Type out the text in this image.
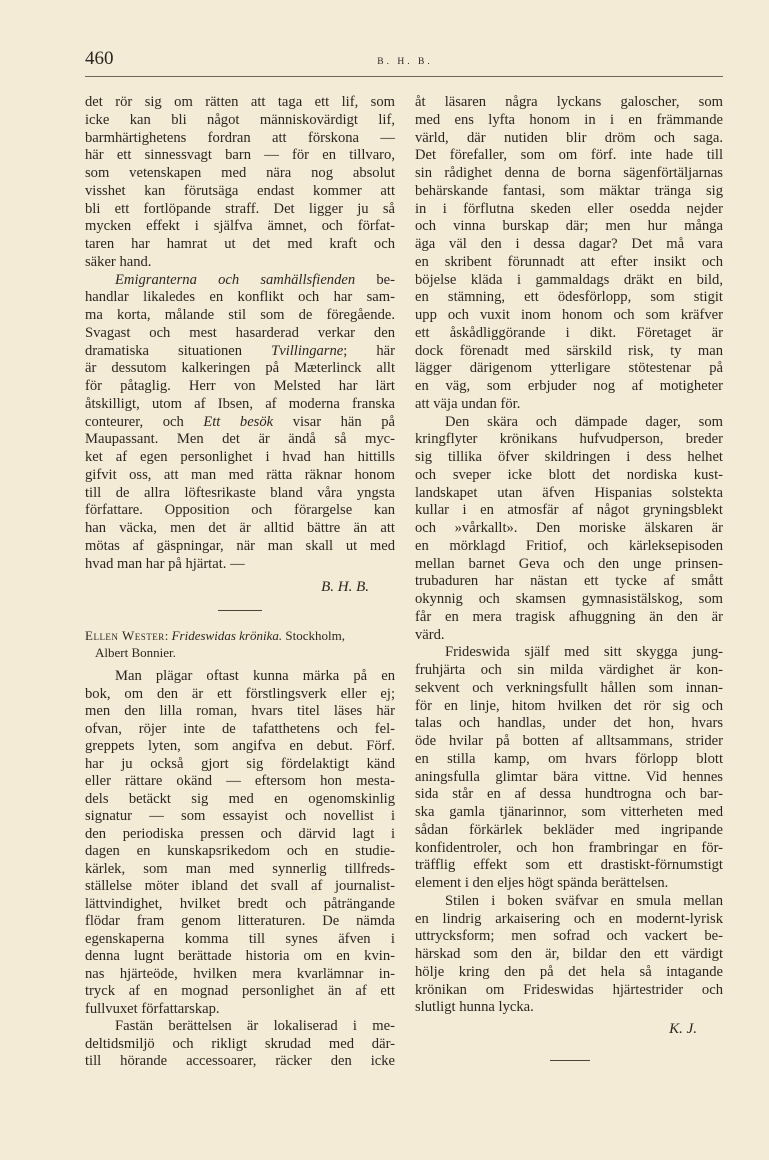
460	B. H. B.
det rör sig om rätten att taga ett lif, som
icke kan bli något människovärdigt lif,
barmhärtighetens fordran att förskona —
här ett sinnessvagt barn — för en tillvaro,
som vetenskapen med nära nog absolut
visshet kan förutsäga endast kommer att
bli ett fortlöpande straff. Det ligger ju så
mycken effekt i själfva ämnet, och förfat-
taren har hamrat ut det med kraft och
säker hand.
Emigranterna och samhällsfienden be-
handlar likaledes en konflikt och har sam-
ma korta, målande stil som de föregående.
Svagast och mest hasarderad verkar den
dramatiska situationen Tvillingarne; här
är dessutom kalkeringen på Mæterlinck allt
för påtaglig. Herr von Melsted har lärt
åtskilligt, utom af Ibsen, af moderna franska
conteurer, och Ett besök visar hän på
Maupassant. Men det är ändå så myc-
ket af egen personlighet i hvad han hittills
gifvit oss, att man med rätta räknar honom
till de allra löftesrikaste bland våra yngsta
författare. Opposition och förargelse kan
han väcka, men det är alltid bättre än att
mötas af gäspningar, när man skall ut med
hvad man har på hjärtat. —
B. H. B.
Ellen Wester: Frideswidas krönika. Stockholm,
Albert Bonnier.
Man plägar oftast kunna märka på en
bok, om den är ett förstlingsverk eller ej;
men den lilla roman, hvars titel läses här
ofvan, röjer inte de tafatthetens och fel-
greppets lyten, som angifva en debut. Förf.
har ju också gjort sig fördelaktigt känd
eller rättare okänd — eftersom hon mesta-
dels betäckt sig med en ogenomskinlig
signatur — som essayist och novellist i
den periodiska pressen och därvid lagt i
dagen en kunskapsrikedom och en studie-
kärlek, som man med synnerlig tillfreds-
ställelse möter ibland det svall af journalist-
lättvindighet, hvilket bredt och påträngande
flödar fram genom litteraturen. De nämda
egenskaperna komma till synes äfven i
denna lugnt berättade historia om en kvin-
nas hjärteöde, hvilken mera kvarlämnar in-
tryck af en mognad personlighet än af ett
fullvuxet författarskap.
Fastän berättelsen är lokaliserad i me-
deltidsmiljö och rikligt skrudad med där-
till hörande accessoarer, räcker den icke
åt läsaren några lyckans galoscher, som
med ens lyfta honom in i en främmande
värld, där nutiden blir dröm och saga.
Det förefaller, som om förf. inte hade till
sin rådighet denna de borna sägenförtäljarnas
behärskande fantasi, som mäktar tränga sig
in i förflutna skeden eller osedda nejder
och vinna burskap där; men hur många
äga väl den i dessa dagar? Det må vara
en skribent förunnadt att efter insikt och
böjelse kläda i gammaldags dräkt en bild,
en stämning, ett ödesförlopp, som stigit
upp och vuxit inom honom och som kräfver
ett åskådliggörande i dikt. Företaget är
dock förenadt med särskild risk, ty man
lägger därigenom ytterligare stötestenar på
en väg, som erbjuder nog af motigheter
att väja undan för.
Den skära och dämpade dager, som
kringflyter krönikans hufvudperson, breder
sig tillika öfver skildringen i dess helhet
och sveper icke blott det nordiska kust-
landskapet utan äfven Hispanias solstekta
kullar i en atmosfär af något gryningsblekt
och »vårkallt». Den moriske älskaren är
en mörklagd Fritiof, och kärleksepisoden
mellan barnet Geva och den unge prinsen-
trubaduren har nästan ett tycke af smått
okynnig och skamsen gymnasistälskog, som
får en mera tragisk afhuggning än den är
värd.
Frideswida själf med sitt skygga jung-
fruhjärta och sin milda värdighet är kon-
sekvent och verkningsfullt hållen som innan-
för en linje, hitom hvilken det rör sig och
talas och handlas, under det hon, hvars
öde hvilar på botten af alltsammans, strider
en stilla kamp, om hvars förlopp blott
aningsfulla glimtar bära vittne. Vid hennes
sida står en af dessa hundtrogna och bar-
ska gamla tjänarinnor, som vitterheten med
sådan förkärlek bekläder med ingripande
konfidentroler, och hon frambringar en för-
träfflig effekt som ett drastiskt-förnumstigt
element i den eljes högt spända berättelsen.
Stilen i boken sväfvar en smula mellan
en lindrig arkaisering och en modernt-lyrisk
uttrycksform; men sofrad och vackert be-
härskad som den är, bildar den ett värdigt
hölje kring den på det hela så intagande
krönikan om Frideswidas hjärtestrider och
slutligt hunna lycka.
K. J.
